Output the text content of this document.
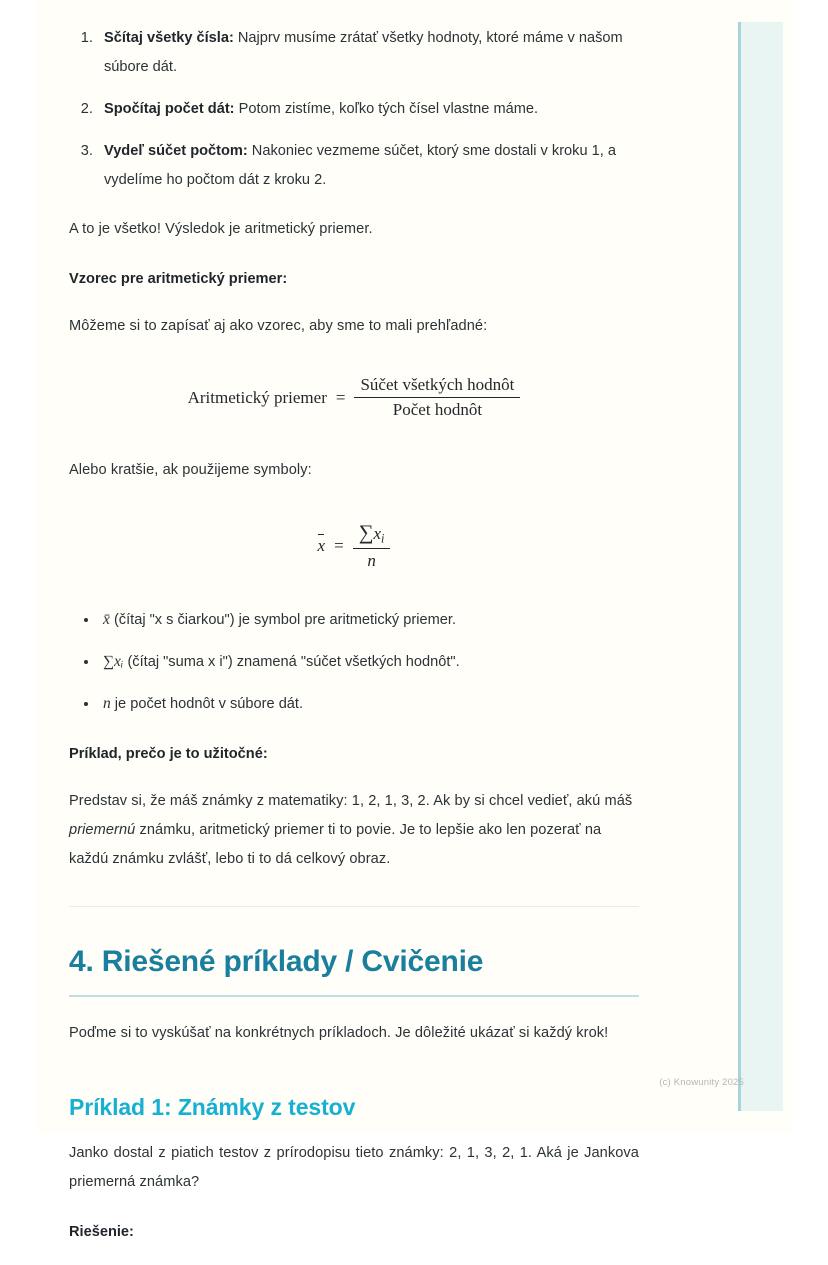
1. Sčítaj všetky čísla: Najprv musíme zrátať všetky hodnoty, ktoré máme v našom súbore dát.
2. Spočítaj počet dát: Potom zistíme, koľko tých čísel vlastne máme.
3. Vydeľ súčet počtom: Nakoniec vezmeme súčet, ktorý sme dostali v kroku 1, a vydelíme ho počtom dát z kroku 2.

A to je všetko! Výsledok je aritmetický priemer.

Vzorec pre aritmetický priemer:

Môžeme si to zapísať aj ako vzorec, aby sme to mali prehľadné:

Aritmetický priemer = $\frac{\text{Súčet všetkých hodnôt}}{\text{Počet hodnôt}}$

Alebo kratšie, ak použijeme symboly:

$x = \frac{\sum x_i}{n}$
• x̄ (čítaj "x s čiarkou") je symbol pre aritmetický priemer.
• ∑xᵢ (čítaj "suma x i") znamená "súčet všetkých hodnôt".
• n je počet hodnôt v súbore dát.
Príklad, prečo je to užitočné:

Predstav si, že máš známky z matematiky: 1, 2, 1, 3, 2. Ak by si chcel vedieť, akú máš priemernú známku, aritmetický priemer ti to povie. Je to lepšie ako len pozerať na každú známku zvlášť, lebo ti to dá celkový obraz.

4. Riešené príklady / Cvičenie

Poďme si to vyskúšať na konkrétnych príkladoch. Je dôležité ukázať si každý krok!

Príklad 1: Známky z testov

Janko dostal z piatich testov z prírodopisu tieto známky: 2, 1, 3, 2, 1. Aká je Jankova priemerná známka?

Riešenie:
(c) Knowunity 2025
